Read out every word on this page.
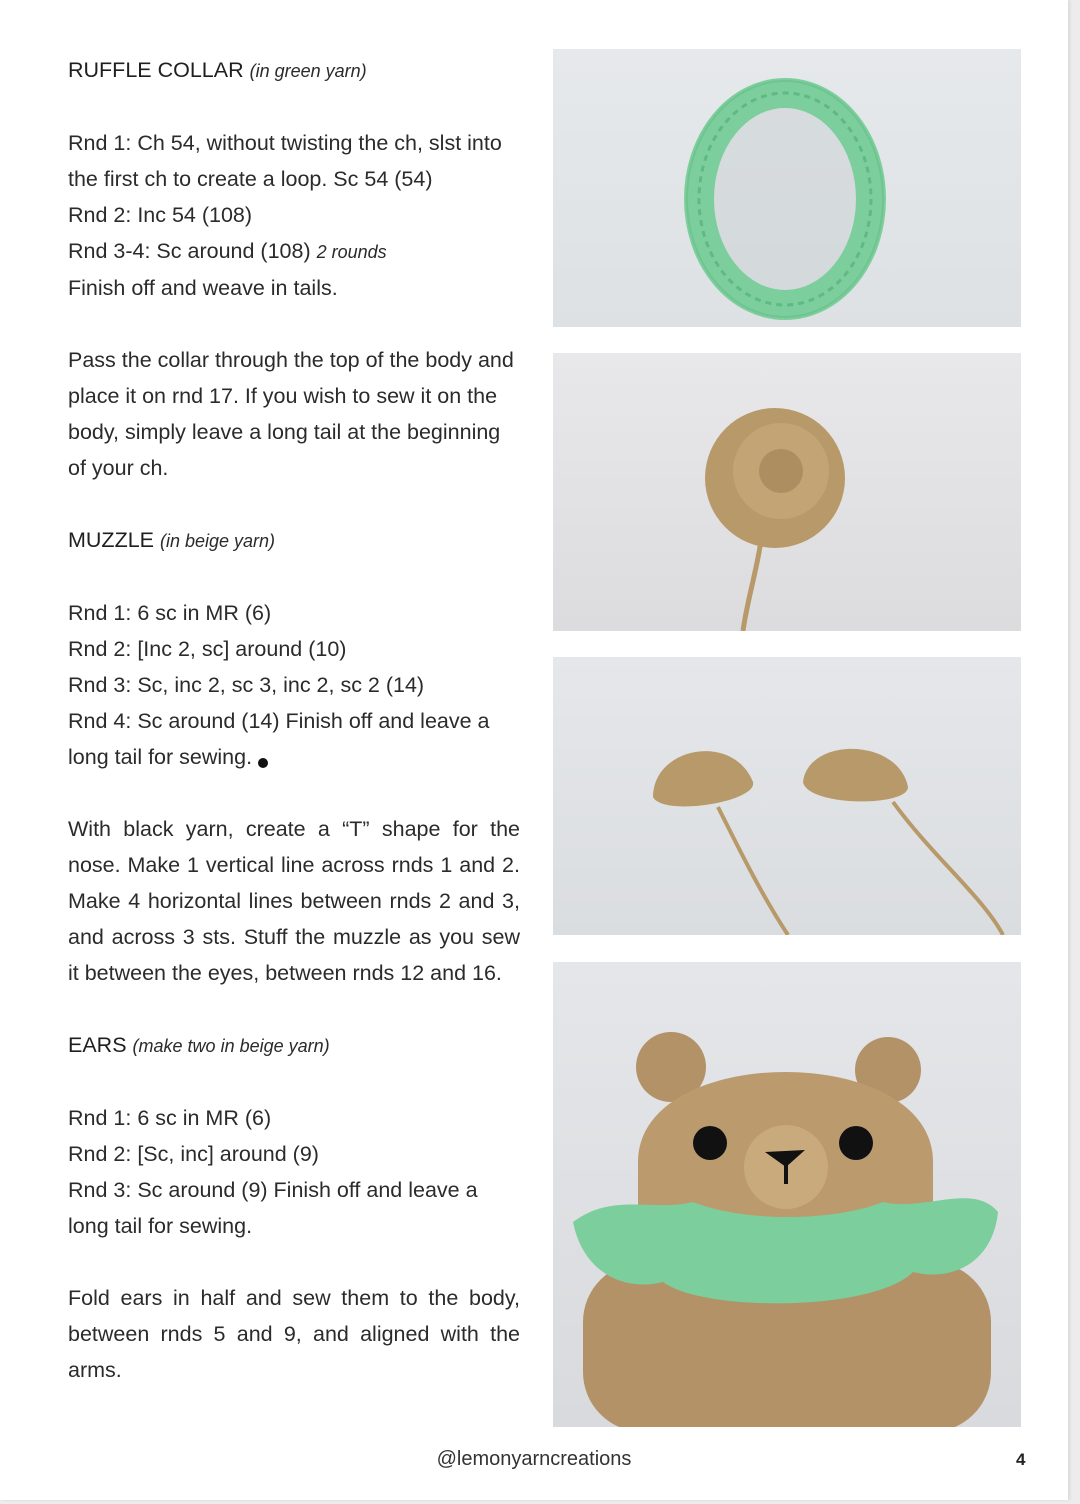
RUFFLE COLLAR (in green yarn)

Rnd 1: Ch 54, without twisting the ch, slst into the first ch to create a loop. Sc 54 (54)

Rnd 2: Inc 54 (108)

Rnd 3-4: Sc around (108) 2 rounds

Finish off and weave in tails.

Pass the collar through the top of the body and place it on rnd 17. If you wish to sew it on the body, simply leave a long tail at the beginning of your ch.

MUZZLE (in beige yarn)

Rnd 1: 6 sc in MR (6)

Rnd 2: [Inc 2, sc] around (10)

Rnd 3: Sc, inc 2, sc 3, inc 2, sc 2 (14)

Rnd 4: Sc around (14) Finish off and leave a long tail for sewing.

With black yarn, create a “T” shape for the nose. Make 1 vertical line across rnds 1 and 2. Make 4 horizontal lines between rnds 2 and 3, and across 3 sts. Stuff the muzzle as you sew it between the eyes, between rnds 12 and 16.

EARS (make two in beige yarn)

Rnd 1: 6 sc in MR (6)

Rnd 2: [Sc, inc] around (9)

Rnd 3: Sc around (9) Finish off and leave a long tail for sewing.

Fold ears in half and sew them to the body, between rnds 5 and 9, and aligned with the arms.

@lemonyarncreations	4
